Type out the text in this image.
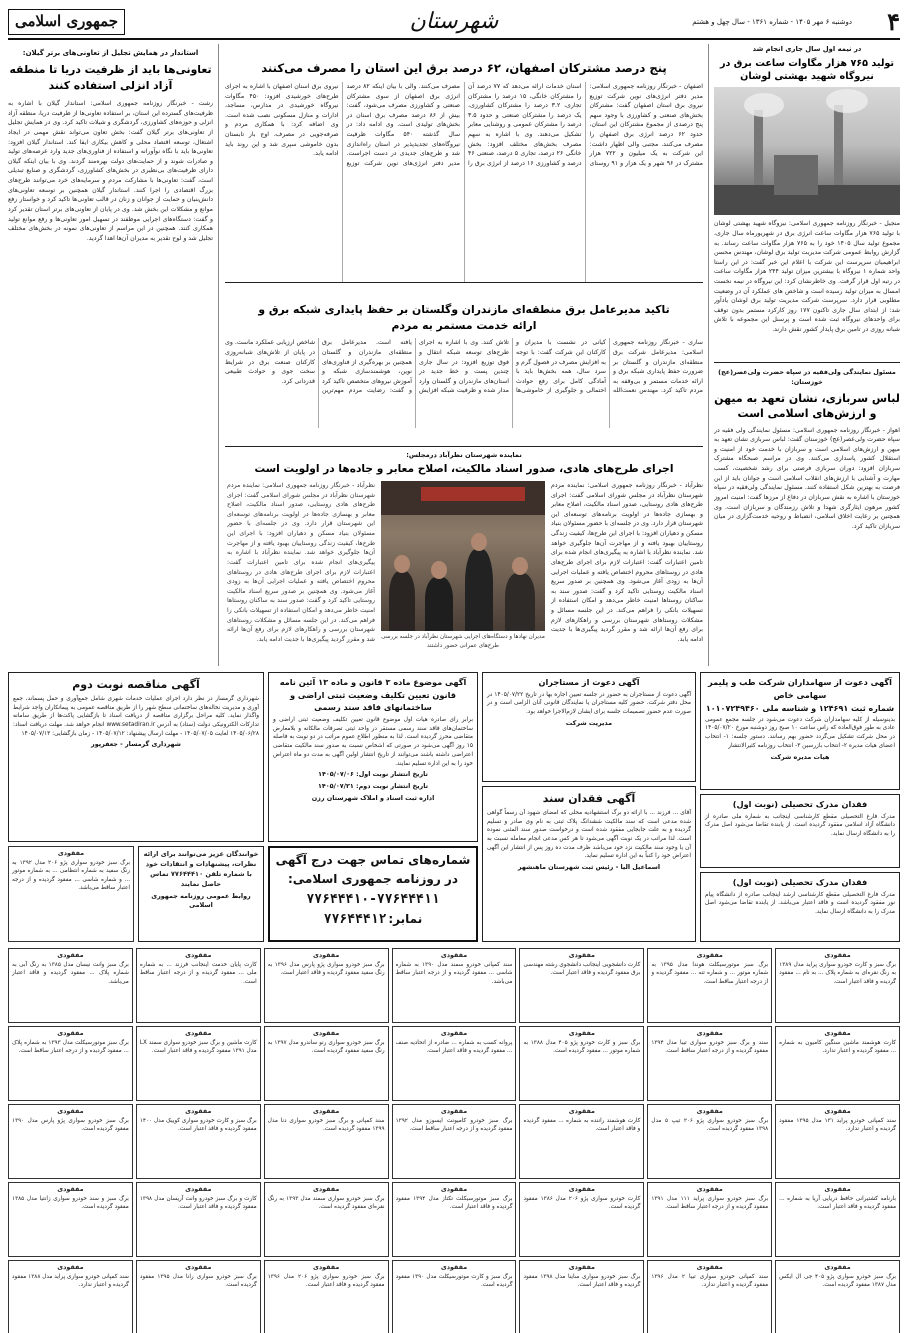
۴
دوشنبه ۶ مهر ۱۴۰۵ - شماره ۱۳۶۱ - سال چهل و هشتم
شهرستان
جمهوری اسلامی
در نیمه اول سال جاری انجام شد
تولید ۷۶۵ هزار مگاوات ساعت برق در نیروگاه شهید بهشتی لوشان
منجیل - خبرنگار روزنامه جمهوری اسلامی: نیروگاه شهید بهشتی لوشان با تولید ۷۶۵ هزار مگاوات ساعت انرژی برق در شهریورماه سال جاری، مجموع تولید سال ۱۴۰۵ خود را به ۷۶۵ هزار مگاوات ساعت رساند. به گزارش روابط عمومی شرکت مدیریت تولید برق لوشان، مهندس محسن ابراهیمیان سرپرست این شرکت با اعلام این خبر گفت: در این راستا واحد شماره ۱ نیروگاه با بیشترین میزان تولید ۲۴۴ هزار مگاوات ساعت در رتبه اول قرار گرفت. وی خاطرنشان کرد: این نیروگاه در نیمه نخست امسال به میزان تولید رسیده است و شاخص های عملکرد آن در وضعیت مطلوبی قرار دارد. سرپرست شرکت مدیریت تولید برق لوشان یادآور شد: از ابتدای سال جاری تاکنون ۱۷۷ روز کارکرد مستمر بدون توقف برای واحدهای نیروگاه ثبت شده است و پرسنل این مجموعه با تلاش شبانه روزی در تامین برق پایدار کشور نقش دارند.
مسئول نمایندگی ولی‌فقیه در سپاه حضرت ولی‌عصر(عج) خوزستان:
لباس سربازی، نشان تعهد به میهن و ارزش‌های اسلامی است
اهواز - خبرنگار روزنامه جمهوری اسلامی: مسئول نمایندگی ولی فقیه در سپاه حضرت ولی‌عصر(عج) خوزستان گفت: لباس سربازی نشان تعهد به میهن و ارزش‌های اسلامی است و سربازان با خدمت خود از امنیت و استقلال کشور پاسداری می‌کنند. وی در مراسم صبحگاه مشترک سربازان افزود: دوران سربازی فرصتی برای رشد شخصیت، کسب مهارت و آشنایی با ارزش‌های انقلاب اسلامی است و جوانان باید از این فرصت به بهترین شکل استفاده کنند. مسئول نمایندگی ولی‌فقیه در سپاه خوزستان با اشاره به نقش سربازان در دفاع از مرزها گفت: امنیت امروز کشور مرهون ایثارگری شهدا و تلاش رزمندگان و سربازان است. وی همچنین بر رعایت اخلاق اسلامی، انضباط و روحیه خدمت‌گزاری در میان سربازان تاکید کرد.
پنج درصد مشترکان اصفهان، ۶۲ درصد برق این استان را مصرف می‌کنند
اصفهان - خبرنگار روزنامه جمهوری اسلامی: مدیر دفتر انرژی‌های نوین شرکت توزیع نیروی برق استان اصفهان گفت: مشترکان بخش‌های صنعتی و کشاورزی با وجود سهم پنج درصدی از مجموع مشترکان این استان، حدود ۶۲ درصد انرژی برق اصفهان را مصرف می‌کنند. مجتبی والی اظهار داشت: این شرکت به یک میلیون و ۷۲۲ هزار مشترک در ۹۶ شهر و یک هزار و ۹۱ روستای استان خدمات ارائه می‌دهد که ۷۷ درصد آن را مشترکان خانگی، ۱۵ درصد را مشترکان تجاری، ۳.۲ درصد را مشترکان کشاورزی، یک درصد را مشترکان صنعتی و حدود ۳.۵ درصد را مشترکان عمومی و روشنایی معابر تشکیل می‌دهند. وی با اشاره به سهم مصرف بخش‌های مختلف افزود: بخش خانگی ۲۶ درصد، تجاری ۵ درصد، صنعتی ۴۶ درصد و کشاورزی ۱۶ درصد از انرژی برق را مصرف می‌کنند. والی با بیان اینکه ۸۲ درصد انرژی برق اصفهان از سوی مشترکان صنعتی و کشاورزی مصرف می‌شود، گفت: بیش از ۸۶ درصد مصرف برق استان در بخش‌های تولیدی است. وی ادامه داد: در سال گذشته ۵۴۰ مگاوات ظرفیت نیروگاه‌های تجدیدپذیر در استان راه‌اندازی شد و طرح‌های جدیدی در دست اجراست. مدیر دفتر انرژی‌های نوین شرکت توزیع نیروی برق استان اصفهان با اشاره به اجرای طرح‌های خورشیدی افزود: ۴۵۰ مگاوات نیروگاه خورشیدی در مدارس، مساجد، ادارات و منازل مسکونی نصب شده است. وی اضافه کرد: با همکاری مردم و صرفه‌جویی در مصرف، اوج بار تابستان بدون خاموشی سپری شد و این روند باید ادامه یابد.
تاکید مدیرعامل برق منطقه‌ای مازندران وگلستان بر حفظ پایداری شبکه برق و ارائه خدمت مستمر به مردم
ساری - خبرنگار روزنامه جمهوری اسلامی: مدیرعامل شرکت برق منطقه‌ای مازندران و گلستان بر ضرورت حفظ پایداری شبکه برق و ارائه خدمات مستمر و بی‌وقفه به مردم تاکید کرد. مهندس نعمت‌الله کیانی در نشست با مدیران و کارکنان این شرکت گفت: با توجه به افزایش مصرف در فصول گرم و سرد سال، همه بخش‌ها باید با آمادگی کامل برای رفع حوادث احتمالی و جلوگیری از خاموشی‌ها تلاش کنند. وی با اشاره به اجرای طرح‌های توسعه شبکه انتقال و فوق توزیع افزود: در سال جاری چندین پست و خط جدید در استان‌های مازندران و گلستان وارد مدار شده و ظرفیت شبکه افزایش یافته است. مدیرعامل برق منطقه‌ای مازندران و گلستان همچنین بر بهره‌گیری از فناوری‌های نوین، هوشمندسازی شبکه و آموزش نیروهای متخصص تاکید کرد و گفت: رضایت مردم مهم‌ترین شاخص ارزیابی عملکرد ماست. وی در پایان از تلاش‌های شبانه‌روزی کارکنان صنعت برق در شرایط سخت جوی و حوادث طبیعی قدردانی کرد.
نماینده شهرستان نظرآباد درمجلس:
اجرای طرح‌های هادی، صدور اسناد مالکیت، اصلاح معابر و جاده‌ها در اولویت است
نظرآباد - خبرنگار روزنامه جمهوری اسلامی: نماینده مردم شهرستان نظرآباد در مجلس شورای اسلامی گفت: اجرای طرح‌های هادی روستایی، صدور اسناد مالکیت، اصلاح معابر و بهسازی جاده‌ها در اولویت برنامه‌های توسعه‌ای این شهرستان قرار دارد. وی در جلسه‌ای با حضور مسئولان بنیاد مسکن و دهیاران افزود: با اجرای این طرح‌ها، کیفیت زندگی روستاییان بهبود یافته و از مهاجرت آن‌ها جلوگیری خواهد شد. نماینده نظرآباد با اشاره به پیگیری‌های انجام شده برای تامین اعتبارات گفت: اعتبارات لازم برای اجرای طرح‌های هادی در روستاهای محروم اختصاص یافته و عملیات اجرایی آن‌ها به زودی آغاز می‌شود. وی همچنین بر صدور سریع اسناد مالکیت روستایی تاکید کرد و گفت: صدور سند به ساکنان روستاها امنیت خاطر می‌دهد و امکان استفاده از تسهیلات بانکی را فراهم می‌کند. در این جلسه مسائل و مشکلات روستاهای شهرستان بررسی و راهکارهای لازم برای رفع آن‌ها ارائه شد و مقرر گردید پیگیری‌ها با جدیت ادامه یابد.
مدیران نهادها و دستگاه‌های اجرایی شهرستان نظرآباد در جلسه بررسی طرح‌های عمرانی حضور داشتند
نظرآباد - خبرنگار روزنامه جمهوری اسلامی: نماینده مردم شهرستان نظرآباد در مجلس شورای اسلامی گفت: اجرای طرح‌های هادی روستایی، صدور اسناد مالکیت، اصلاح معابر و بهسازی جاده‌ها در اولویت برنامه‌های توسعه‌ای این شهرستان قرار دارد. وی در جلسه‌ای با حضور مسئولان بنیاد مسکن و دهیاران افزود: با اجرای این طرح‌ها، کیفیت زندگی روستاییان بهبود یافته و از مهاجرت آن‌ها جلوگیری خواهد شد. نماینده نظرآباد با اشاره به پیگیری‌های انجام شده برای تامین اعتبارات گفت: اعتبارات لازم برای اجرای طرح‌های هادی در روستاهای محروم اختصاص یافته و عملیات اجرایی آن‌ها به زودی آغاز می‌شود. وی همچنین بر صدور سریع اسناد مالکیت روستایی تاکید کرد و گفت: صدور سند به ساکنان روستاها امنیت خاطر می‌دهد و امکان استفاده از تسهیلات بانکی را فراهم می‌کند. در این جلسه مسائل و مشکلات روستاهای شهرستان بررسی و راهکارهای لازم برای رفع آن‌ها ارائه شد و مقرر گردید پیگیری‌ها با جدیت ادامه یابد.
استاندار در همایش تجلیل از تعاونی‌های برتر گیلان:
تعاونی‌ها باید از ظرفیت دریا تا منطقه آزاد انزلی استفاده کنند
رشت - خبرنگار روزنامه جمهوری اسلامی: استاندار گیلان با اشاره به ظرفیت‌های گسترده این استان، بر استفاده تعاونی‌ها از ظرفیت دریا، منطقه آزاد انزلی و حوزه‌های کشاورزی، گردشگری و شیلات تاکید کرد. وی در همایش تجلیل از تعاونی‌های برتر گیلان گفت: بخش تعاون می‌تواند نقش مهمی در ایجاد اشتغال، توسعه اقتصاد محلی و کاهش بیکاری ایفا کند. استاندار گیلان افزود: تعاونی‌ها باید با نگاه نوآورانه و استفاده از فناوری‌های جدید وارد عرصه‌های تولید و صادرات شوند و از حمایت‌های دولت بهره‌مند گردند. وی با بیان اینکه گیلان دارای ظرفیت‌های بی‌نظیری در بخش‌های کشاورزی، گردشگری و صنایع تبدیلی است، گفت: تعاونی‌ها با مشارکت مردم و سرمایه‌های خرد می‌توانند طرح‌های بزرگ اقتصادی را اجرا کنند. استاندار گیلان همچنین بر توسعه تعاونی‌های دانش‌بنیان و حمایت از جوانان و زنان در قالب تعاونی‌ها تاکید کرد و خواستار رفع موانع و مشکلات این بخش شد. وی در پایان از تعاونی‌های برتر استان تقدیر کرد و گفت: دستگاه‌های اجرایی موظفند در تسهیل امور تعاونی‌ها و رفع موانع تولید همکاری کنند. همچنین در این مراسم از تعاونی‌های نمونه در بخش‌های مختلف تجلیل شد و لوح تقدیر به مدیران آن‌ها اهدا گردید.
آگهی دعوت از سهامداران شرکت طب و پلیمر سهامی خاص
شماره ثبت ۱۲۴۶۹۱ و شناسه ملی ۱۰۱۰۷۲۴۹۴۶۰
بدینوسیله از کلیه سهامداران شرکت دعوت می‌شود در جلسه مجمع عمومی عادی به طور فوق‌العاده که راس ساعت ۱۰ صبح روز دوشنبه مورخ ۱۴۰۵/۰۷/۲۰ در محل شرکت تشکیل می‌گردد حضور بهم رسانند. دستور جلسه: ۱- انتخاب اعضای هیات مدیره ۲- انتخاب بازرسین ۳- انتخاب روزنامه کثیرالانتشار
هیات مدیره شرکت
آگهی دعوت از مستاجران
آگهی دعوت از مستاجران به حضور در جلسه تعیین اجاره بها در تاریخ ۱۴۰۵/۰۷/۲۲ در محل دفتر شرکت. حضور کلیه مستاجران یا نمایندگان قانونی آنان الزامی است و در صورت عدم حضور تصمیمات جلسه برای ایشان لازم‌الاجرا خواهد بود.
مدیریت شرکت
آگهی فقدان سند
آقای ... فرزند ... با ارائه دو برگ استشهادیه محلی که امضای شهود آن رسماً گواهی شده مدعی است که سند مالکیت ششدانگ پلاک ثبتی به نام وی صادر و تسلیم گردیده و به علت جابجایی مفقود شده است و درخواست صدور سند المثنی نموده است. لذا مراتب در یک نوبت آگهی می‌شود تا هر کس مدعی انجام معامله نسبت به آن یا وجود سند مالکیت نزد خود می‌باشد ظرف مدت ده روز پس از انتشار این آگهی اعتراض خود را کتباً به این اداره تسلیم نماید.
اسماعیل الیا - رئیس ثبت شهرستان ماهنشهر
آگهی موضوع ماده ۳ قانون و ماده ۱۳ آئین نامه قانون تعیین تکلیف وضعیت ثبتی اراضی و ساختمانهای فاقد سند رسمی
برابر رای صادره هیات اول موضوع قانون تعیین تکلیف وضعیت ثبتی اراضی و ساختمان‌های فاقد سند رسمی مستقر در واحد ثبتی تصرفات مالکانه و بلامعارض متقاضی محرز گردیده است. لذا به منظور اطلاع عموم مراتب در دو نوبت به فاصله ۱۵ روز آگهی می‌شود در صورتی که اشخاص نسبت به صدور سند مالکیت متقاضی اعتراضی داشته باشند می‌توانند از تاریخ انتشار اولین آگهی به مدت دو ماه اعتراض خود را به این اداره تسلیم نمایند.
تاریخ انتشار نوبت اول: ۱۴۰۵/۰۷/۰۶
تاریخ انتشار نوبت دوم: ۱۴۰۵/۰۷/۲۱
اداره ثبت اسناد و املاک شهرستان رزن
آگهی مناقصه نوبت دوم
شهرداری گرمسار در نظر دارد اجرای عملیات خدمات شهری شامل جمع‌آوری و حمل پسماند، جمع آوری و مدیریت نخاله‌های ساختمانی سطح شهر را از طریق مناقصه عمومی به پیمانکاران واجد شرایط واگذار نماید. کلیه مراحل برگزاری مناقصه از دریافت اسناد تا بازگشایی پاکت‌ها از طریق سامانه تدارکات الکترونیکی دولت (ستاد) به آدرس www.setadiran.ir انجام خواهد شد. مهلت دریافت اسناد: ۱۴۰۵/۰۶/۲۸ لغایت ۱۴۰۵/۰۷/۰۵ - مهلت ارسال پیشنهاد: ۱۴۰۵/۰۷/۱۲ - زمان بازگشایی: ۱۴۰۵/۰۷/۱۳
شهرداری گرمسار - جعفرپور
شماره‌های تماس جهت درج آگهی در روزنامه جمهوری اسلامی:
۷۷۶۴۴۴۱۰-۷۷۶۴۴۴۱۱
نمابر: ۷۷۶۴۴۴۱۲
خوانندگان عزیز می‌توانند برای ارائه نظرات، پیشنهادات و انتقادات خود با شماره تلفن ۷۷۶۴۴۴۱۰ تماس حاصل نمایند
روابط عمومی روزنامه جمهوری اسلامی
مفقودی
برگ سبز خودرو سواری پژو ۲۰۶ مدل ۱۳۹۲ به رنگ سفید به شماره انتظامی ... به شماره موتور ... و شماره شاسی ... مفقود گردیده و از درجه اعتبار ساقط می‌باشد.
فقدان مدرک تحصیلی (نوبت اول)
مدرک فارغ التحصیلی مقطع کارشناسی اینجانب به شماره ملی صادره از دانشگاه آزاد اسلامی مفقود گردیده است. از یابنده تقاضا می‌شود اصل مدرک را به دانشگاه ارسال نماید.
فقدان مدرک تحصیلی (نوبت اول)
مدرک فارغ التحصیلی مقطع کارشناسی ارشد اینجانب صادره از دانشگاه پیام نور مفقود گردیده است و فاقد اعتبار می‌باشد. از یابنده تقاضا می‌شود اصل مدرک را به دانشگاه ارسال نماید.
مفقودی
برگ سبز و کارت خودرو سواری پراید مدل ۱۳۸۹ به رنگ نقره‌ای به شماره پلاک ... به نام ... مفقود گردیده و فاقد اعتبار است.
مفقودی
برگ سبز موتورسیکلت هوندا مدل ۱۳۹۵ به شماره موتور ... و شماره تنه ... مفقود گردیده و از درجه اعتبار ساقط است.
مفقودی
کارت دانشجویی اینجانب دانشجوی رشته مهندسی برق مفقود گردیده و فاقد اعتبار است.
مفقودی
سند کمپانی خودرو سمند مدل ۱۳۹۰ به شماره شاسی ... مفقود گردیده و از درجه اعتبار ساقط می‌باشد.
مفقودی
برگ سبز خودرو سواری پژو پارس مدل ۱۳۹۶ به رنگ سفید مفقود گردیده و فاقد اعتبار است.
مفقودی
کارت پایان خدمت اینجانب فرزند ... به شماره ملی ... مفقود گردیده و از درجه اعتبار ساقط است.
مفقودی
برگ سبز وانت نیسان مدل ۱۳۸۵ به رنگ آبی به شماره پلاک ... مفقود گردیده و فاقد اعتبار می‌باشد.
مفقودی
کارت هوشمند ماشین سنگین کامیون به شماره ... مفقود گردیده و اعتبار ندارد.
مفقودی
سند و برگ سبز خودرو سواری تیبا مدل ۱۳۹۴ مفقود گردیده و از درجه اعتبار ساقط است.
مفقودی
برگ سبز و کارت خودرو پژو ۴۰۵ مدل ۱۳۸۸ به شماره موتور ... مفقود گردیده است.
مفقودی
پروانه کسب به شماره ... صادره از اتحادیه صنف ... مفقود گردیده و فاقد اعتبار است.
مفقودی
برگ سبز خودرو سواری رنو ساندرو مدل ۱۳۹۷ به رنگ سفید مفقود گردیده است.
مفقودی
کارت ماشین و برگ سبز خودرو سواری سمند LX مدل ۱۳۹۱ مفقود گردیده و فاقد اعتبار است.
مفقودی
برگ سبز موتورسیکلت مدل ۱۳۹۳ به شماره پلاک ... مفقود گردیده و از درجه اعتبار ساقط است.
مفقودی
سند کمپانی خودرو پراید ۱۳۱ مدل ۱۳۹۵ مفقود گردیده و اعتبار ندارد.
مفقودی
برگ سبز خودرو سواری پژو ۲۰۶ تیپ ۵ مدل ۱۳۹۸ مفقود گردیده است.
مفقودی
کارت هوشمند راننده به شماره ... مفقود گردیده و فاقد اعتبار است.
مفقودی
برگ سبز خودرو کامیونت ایسوزو مدل ۱۳۹۲ مفقود گردیده و از درجه اعتبار ساقط است.
مفقودی
سند کمپانی و برگ سبز خودرو سواری دنا مدل ۱۳۹۹ مفقود گردیده است.
مفقودی
برگ سبز و کارت خودرو سواری کوییک مدل ۱۴۰۰ مفقود گردیده و فاقد اعتبار است.
مفقودی
برگ سبز خودرو سواری پژو پارس مدل ۱۳۹۰ مفقود گردیده است.
مفقودی
بارنامه کشتیرانی حافظ دریایی آریا به شماره ... مفقود گردیده و فاقد اعتبار است.
مفقودی
برگ سبز خودرو سواری پراید ۱۱۱ مدل ۱۳۹۱ مفقود گردیده و از درجه اعتبار ساقط است.
مفقودی
کارت خودرو سواری پژو ۲۰۶ مدل ۱۳۸۶ مفقود گردیده است.
مفقودی
برگ سبز موتورسیکلت تکتاز مدل ۱۳۹۴ مفقود گردیده و فاقد اعتبار است.
مفقودی
برگ سبز خودرو سواری سمند مدل ۱۳۹۳ به رنگ نقره‌ای مفقود گردیده است.
مفقودی
کارت و برگ سبز خودرو وانت آریسان مدل ۱۳۹۸ مفقود گردیده و فاقد اعتبار است.
مفقودی
برگ سبز و سند خودرو سواری زانتیا مدل ۱۳۸۵ مفقود گردیده است.
مفقودی
برگ سبز خودرو سواری پژو ۴۰۵ جی ال ایکس مدل ۱۳۸۷ مفقود گردیده است.
مفقودی
سند کمپانی خودرو سواری تیبا ۲ مدل ۱۳۹۶ مفقود گردیده و اعتبار ندارد.
مفقودی
برگ سبز خودرو سواری ساینا مدل ۱۳۹۸ مفقود گردیده و فاقد اعتبار است.
مفقودی
برگ سبز و کارت موتورسیکلت مدل ۱۳۹۰ مفقود گردیده است.
مفقودی
برگ سبز خودرو سواری پژو ۲۰۶ مدل ۱۳۹۶ مفقود گردیده و فاقد اعتبار است.
مفقودی
برگ سبز خودرو سواری رانا مدل ۱۳۹۵ مفقود گردیده است.
مفقودی
سند کمپانی خودرو سواری پراید مدل ۱۳۸۸ مفقود گردیده و اعتبار ندارد.
